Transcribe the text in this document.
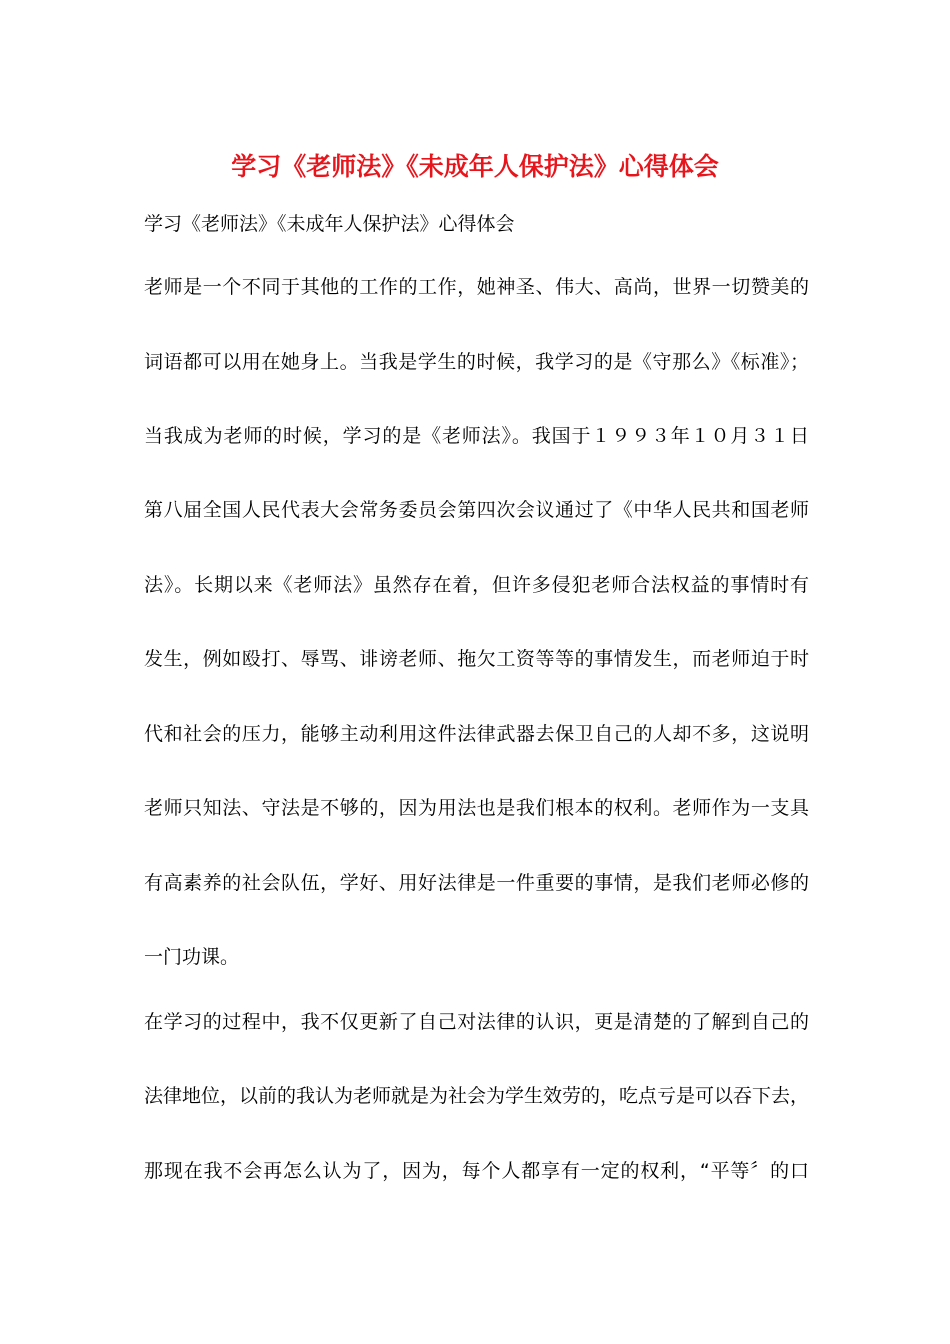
学习《老师法》《未成年人保护法》心得体会
学习《老师法》《未成年人保护法》心得体会
老师是一个不同于其他的工作的工作，她神圣、伟大、高尚，世界一切赞美的
词语都可以用在她身上。当我是学生的时候，我学习的是《守那么》《标准》；
当我成为老师的时候，学习的是《老师法》。我国于１９９３年１０月３１日
第八届全国人民代表大会常务委员会第四次会议通过了《中华人民共和国老师
法》。长期以来《老师法》虽然存在着，但许多侵犯老师合法权益的事情时有
发生，例如殴打、辱骂、诽谤老师、拖欠工资等等的事情发生，而老师迫于时
代和社会的压力，能够主动利用这件法律武器去保卫自己的人却不多，这说明
老师只知法、守法是不够的，因为用法也是我们根本的权利。老师作为一支具
有高素养的社会队伍，学好、用好法律是一件重要的事情，是我们老师必修的
一门功课。
在学习的过程中，我不仅更新了自己对法律的认识，更是清楚的了解到自己的
法律地位，以前的我认为老师就是为社会为学生效劳的，吃点亏是可以吞下去，
那现在我不会再怎么认为了，因为，每个人都享有一定的权利，“平等〞的口
